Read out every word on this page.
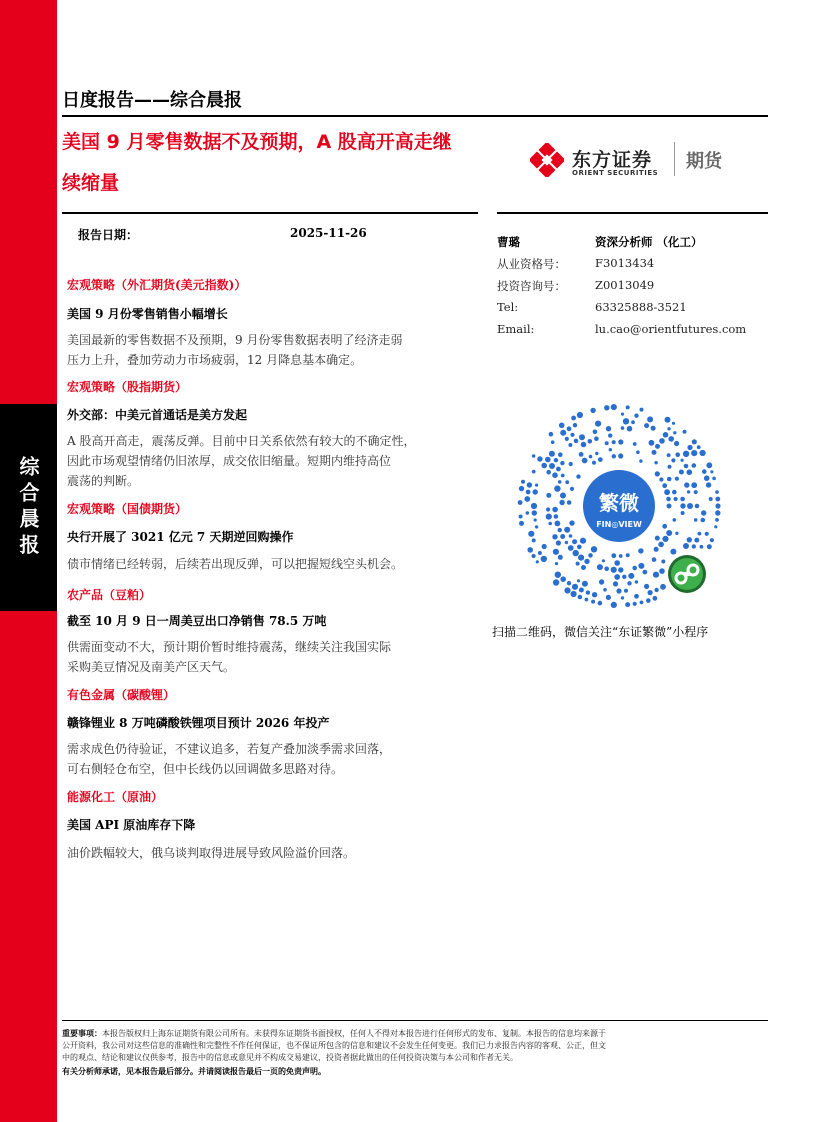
综合晨报
日度报告——综合晨报
美国 9 月零售数据不及预期，A 股高开高走继
续缩量
东方证券
ORIENT SECURITIES
期货
报告日期：	2025-11-26
曹璐	资深分析师 （化工）
从业资格号：	F3013434
投资咨询号：	Z0013049
Tel:	63325888-3521
Email:	lu.cao@orientfutures.com
宏观策略（外汇期货(美元指数)）
美国 9 月份零售销售小幅增长
美国最新的零售数据不及预期，9 月份零售数据表明了经济走弱
压力上升，叠加劳动力市场疲弱，12 月降息基本确定。
宏观策略（股指期货）
外交部：中美元首通话是美方发起
A 股高开高走，震荡反弹。目前中日关系依然有较大的不确定性，
因此市场观望情绪仍旧浓厚，成交依旧缩量。短期内维持高位
震荡的判断。
宏观策略（国债期货）
央行开展了 3021 亿元 7 天期逆回购操作
债市情绪已经转弱，后续若出现反弹，可以把握短线空头机会。
农产品（豆粕）
截至 10 月 9 日一周美豆出口净销售 78.5 万吨
供需面变动不大，预计期价暂时维持震荡，继续关注我国实际
采购美豆情况及南美产区天气。
有色金属（碳酸锂）
赣锋锂业 8 万吨磷酸铁锂项目预计 2026 年投产
需求成色仍待验证，不建议追多，若复产叠加淡季需求回落，
可右侧轻仓布空，但中长线仍以回调做多思路对待。
能源化工（原油）
美国 API 原油库存下降
油价跌幅较大，俄乌谈判取得进展导致风险溢价回落。
繁微
FIN◎VIEW
扫描二维码，微信关注“东证繁微”小程序
重要事项：本报告版权归上海东证期货有限公司所有。未获得东证期货书面授权，任何人不得对本报告进行任何形式的发布、复制。本报告的信息均来源于
公开资料，我公司对这些信息的准确性和完整性不作任何保证，也不保证所包含的信息和建议不会发生任何变更。我们已力求报告内容的客观、公正，但文
中的观点、结论和建议仅供参考，报告中的信息或意见并不构成交易建议，投资者据此做出的任何投资决策与本公司和作者无关。
有关分析师承诺，见本报告最后部分。并请阅读报告最后一页的免责声明。
